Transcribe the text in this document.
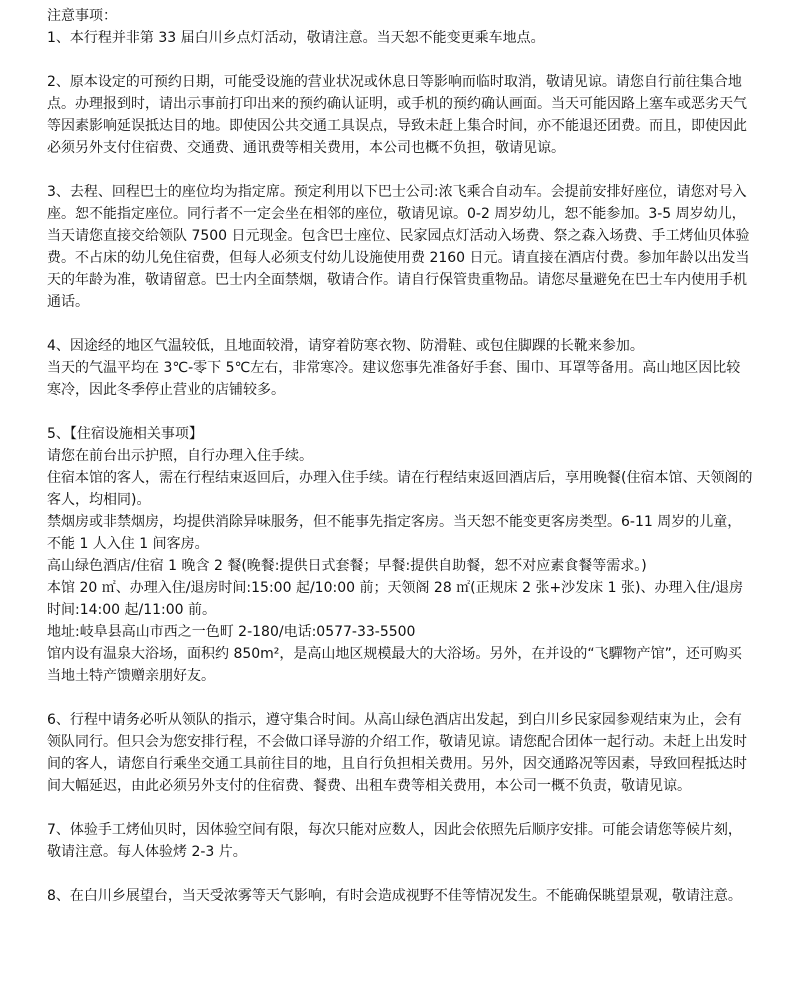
注意事项：

1、本行程并非第 33 届白川乡点灯活动，敬请注意。当天恕不能变更乘车地点。

2、原本设定的可预约日期，可能受设施的营业状况或休息日等影响而临时取消，敬请见谅。请您自行前往集合地点。办理报到时，请出示事前打印出来的预约确认证明，或手机的预约确认画面。当天可能因路上塞车或恶劣天气等因素影响延误抵达目的地。即使因公共交通工具误点，导致未赶上集合时间，亦不能退还团费。而且，即使因此必须另外支付住宿费、交通费、通讯费等相关费用，本公司也概不负担，敬请见谅。

3、去程、回程巴士的座位均为指定席。预定利用以下巴士公司:浓飞乘合自动车。会提前安排好座位，请您对号入座。恕不能指定座位。同行者不一定会坐在相邻的座位，敬请见谅。0-2 周岁幼儿，恕不能参加。3-5 周岁幼儿，当天请您直接交给领队 7500 日元现金。包含巴士座位、民家园点灯活动入场费、祭之森入场费、手工烤仙贝体验费。不占床的幼儿免住宿费，但每人必须支付幼儿设施使用费 2160 日元。请直接在酒店付费。参加年龄以出发当天的年龄为准，敬请留意。巴士内全面禁烟，敬请合作。请自行保管贵重物品。请您尽量避免在巴士车内使用手机通话。

4、因途经的地区气温较低，且地面较滑，请穿着防寒衣物、防滑鞋、或包住脚踝的长靴来参加。

当天的气温平均在 3℃-零下 5℃左右，非常寒冷。建议您事先准备好手套、围巾、耳罩等备用。高山地区因比较寒冷，因此冬季停止营业的店铺较多。

5、【住宿设施相关事项】

请您在前台出示护照，自行办理入住手续。

住宿本馆的客人，需在行程结束返回后，办理入住手续。请在行程结束返回酒店后，享用晚餐(住宿本馆、天领阁的客人，均相同)。

禁烟房或非禁烟房，均提供消除异味服务，但不能事先指定客房。当天恕不能变更客房类型。6-11 周岁的儿童，不能 1 人入住 1 间客房。

高山绿色酒店/住宿 1 晚含 2 餐(晚餐:提供日式套餐；早餐:提供自助餐，恕不对应素食餐等需求。)

本馆 20 ㎡、办理入住/退房时间:15:00 起/10:00 前；天领阁 28 ㎡(正规床 2 张+沙发床 1 张)、办理入住/退房时间:14:00 起/11:00 前。

地址:岐阜县高山市西之一色町 2-180/电话:0577-33-5500

馆内设有温泉大浴场，面积约 850m²，是高山地区规模最大的大浴场。另外，在并设的“飞驒物产馆”，还可购买当地土特产馈赠亲朋好友。

6、行程中请务必听从领队的指示，遵守集合时间。从高山绿色酒店出发起，到白川乡民家园参观结束为止，会有领队同行。但只会为您安排行程，不会做口译导游的介绍工作，敬请见谅。请您配合团体一起行动。未赶上出发时间的客人，请您自行乘坐交通工具前往目的地，且自行负担相关费用。另外，因交通路况等因素，导致回程抵达时间大幅延迟，由此必须另外支付的住宿费、餐费、出租车费等相关费用，本公司一概不负责，敬请见谅。

7、体验手工烤仙贝时，因体验空间有限，每次只能对应数人，因此会依照先后顺序安排。可能会请您等候片刻，敬请注意。每人体验烤 2-3 片。

8、在白川乡展望台，当天受浓雾等天气影响，有时会造成视野不佳等情况发生。不能确保眺望景观，敬请注意。
